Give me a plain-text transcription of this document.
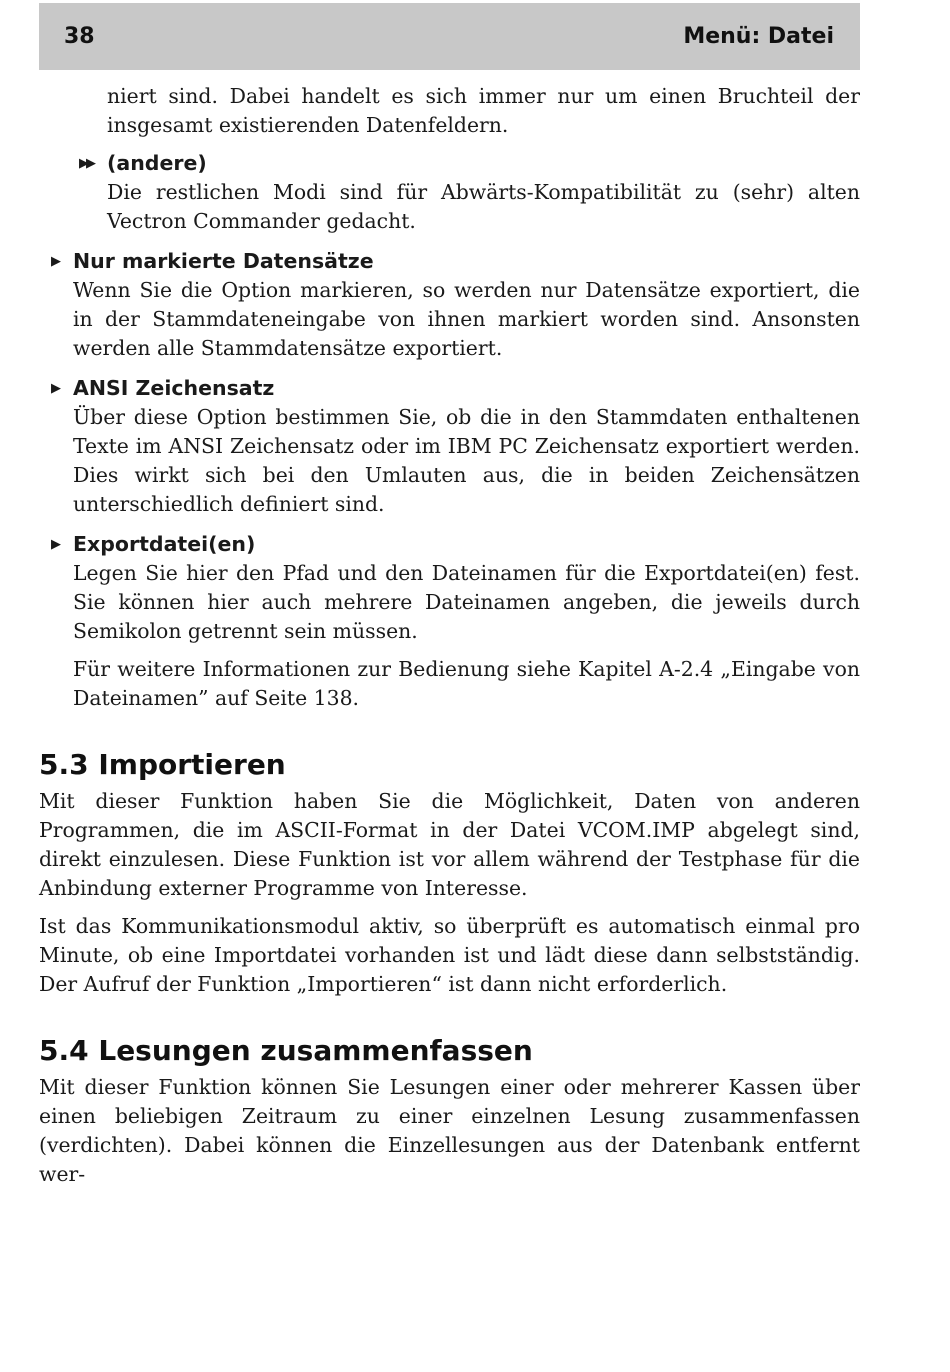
38	Menü: Datei

niert sind. Dabei handelt es sich immer nur um einen Bruchteil der insgesamt existierenden Datenfeldern.

▶▶ (andere)

Die restlichen Modi sind für Abwärts-Kompatibilität zu (sehr) alten Vectron Commander gedacht.

▶ Nur markierte Datensätze

Wenn Sie die Option markieren, so werden nur Datensätze exportiert, die in der Stammdateneingabe von ihnen markiert worden sind. Ansonsten werden alle Stammdatensätze exportiert.

▶ ANSI Zeichensatz

Über diese Option bestimmen Sie, ob die in den Stammdaten enthaltenen Texte im ANSI Zeichensatz oder im IBM PC Zeichensatz exportiert werden. Dies wirkt sich bei den Umlauten aus, die in beiden Zeichensätzen unterschiedlich definiert sind.

▶ Exportdatei(en)

Legen Sie hier den Pfad und den Dateinamen für die Exportdatei(en) fest. Sie können hier auch mehrere Dateinamen angeben, die jeweils durch Semikolon getrennt sein müssen.

Für weitere Informationen zur Bedienung siehe Kapitel A-2.4 „Eingabe von Dateinamen” auf Seite 138.

5.3 Importieren

Mit dieser Funktion haben Sie die Möglichkeit, Daten von anderen Programmen, die im ASCII-Format in der Datei VCOM.IMP abgelegt sind, direkt einzulesen. Diese Funktion ist vor allem während der Testphase für die Anbindung externer Programme von Interesse.

Ist das Kommunikationsmodul aktiv, so überprüft es automatisch einmal pro Minute, ob eine Importdatei vorhanden ist und lädt diese dann selbstständig. Der Aufruf der Funktion „Importieren“ ist dann nicht erforderlich.

5.4 Lesungen zusammenfassen

Mit dieser Funktion können Sie Lesungen einer oder mehrerer Kassen über einen beliebigen Zeitraum zu einer einzelnen Lesung zusammenfassen (verdichten). Dabei können die Einzellesungen aus der Datenbank entfernt wer-
